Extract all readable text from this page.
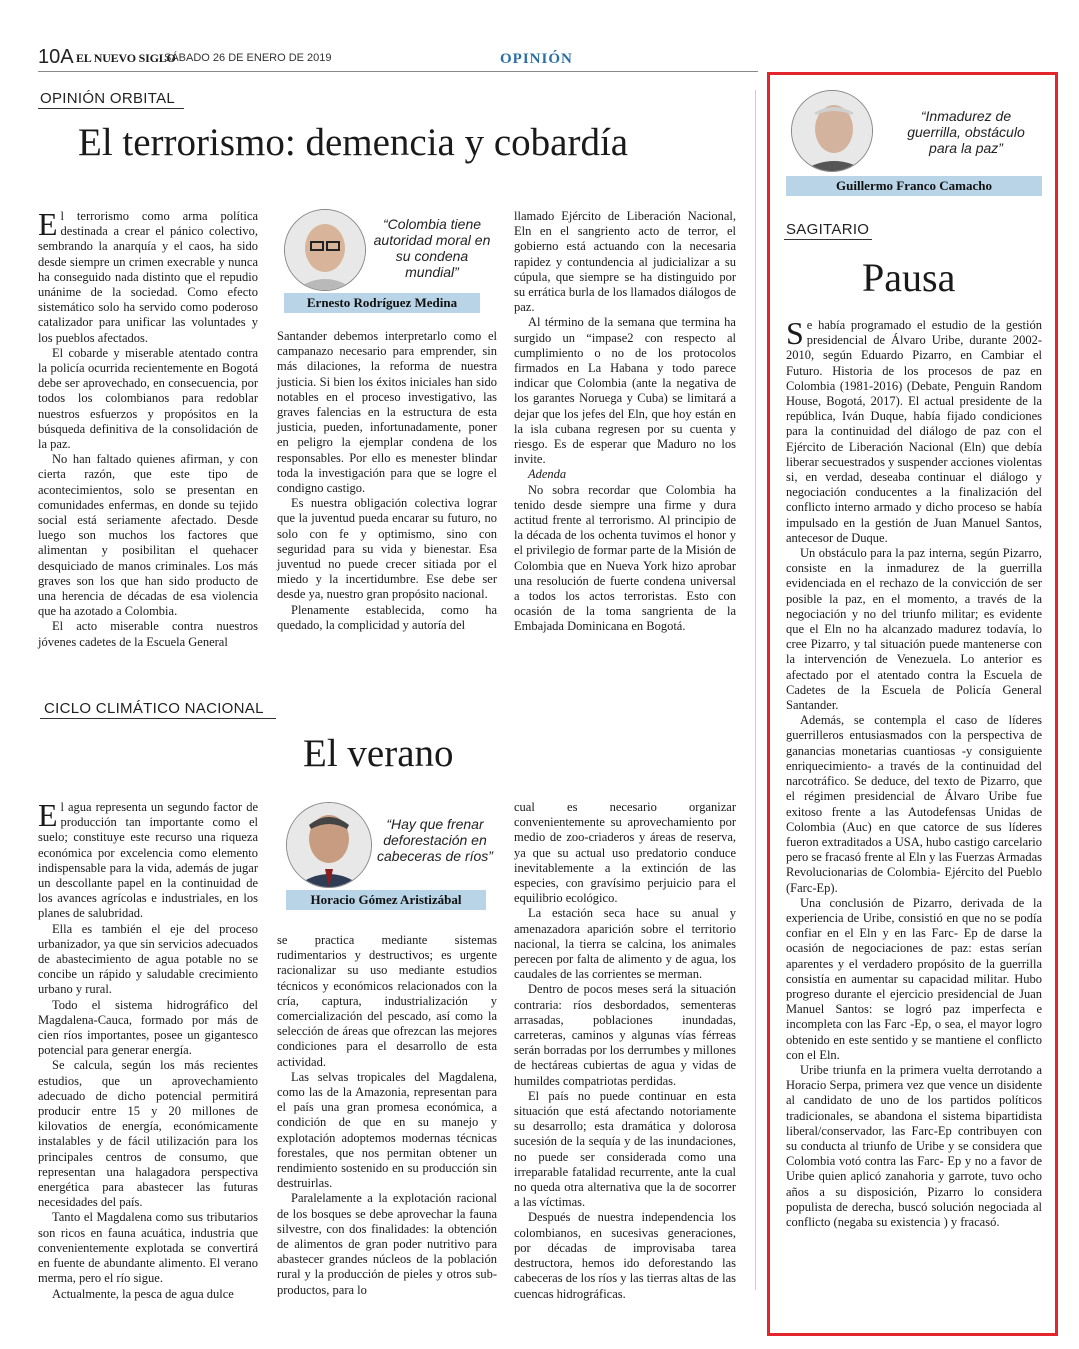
10A EL NUEVO SIGLO
SÁBADO 26 DE ENERO DE 2019	OPINIÓN
OPINIÓN ORBITAL
El terrorismo: demencia y cobardía

El terrorismo como arma política destinada a crear el pánico colectivo, sembrando la anarquía y el caos, ha sido desde siempre un crimen execrable y nunca ha conseguido nada distinto que el repudio unánime de la sociedad. Como efecto sistemático solo ha servido como poderoso catalizador para unificar las voluntades y los pueblos afectados.

El cobarde y miserable atentado contra la policía ocurrida recientemente en Bogotá debe ser aprovechado, en consecuencia, por todos los colombianos para redoblar nuestros esfuerzos y propósitos en la búsqueda definitiva de la consolidación de la paz.

No han faltado quienes afirman, y con cierta razón, que este tipo de acontecimientos, solo se presentan en comunidades enfermas, en donde su tejido social está seriamente afectado. Desde luego son muchos los factores que alimentan y posibilitan el quehacer desquiciado de manos criminales. Los más graves son los que han sido producto de una herencia de décadas de esa violencia que ha azotado a Colombia.

El acto miserable contra nuestros jóvenes cadetes de la Escuela General

“Colombia tiene autoridad moral en su condena mundial”
Ernesto Rodríguez Medina

Santander debemos interpretarlo como el campanazo necesario para emprender, sin más dilaciones, la reforma de nuestra justicia. Si bien los éxitos iniciales han sido notables en el proceso investigativo, las graves falencias en la estructura de esta justicia, pueden, infortunadamente, poner en peligro la ejemplar condena de los responsables. Por ello es menester blindar toda la investigación para que se logre el condigno castigo.

Es nuestra obligación colectiva lograr que la juventud pueda encarar su futuro, no solo con fe y optimismo, sino con seguridad para su vida y bienestar. Esa juventud no puede crecer sitiada por el miedo y la incertidumbre. Ese debe ser desde ya, nuestro gran propósito nacional.

Plenamente establecida, como ha quedado, la complicidad y autoría del

llamado Ejército de Liberación Nacional, Eln en el sangriento acto de terror, el gobierno está actuando con la necesaria rapidez y contundencia al judicializar a su cúpula, que siempre se ha distinguido por su errática burla de los llamados diálogos de paz.

Al término de la semana que termina ha surgido un “impase2 con respecto al cumplimiento o no de los protocolos firmados en La Habana y todo parece indicar que Colombia (ante la negativa de los garantes Noruega y Cuba) se limitará a dejar que los jefes del Eln, que hoy están en la isla cubana regresen por su cuenta y riesgo. Es de esperar que Maduro no los invite.

Adenda

No sobra recordar que Colombia ha tenido desde siempre una firme y dura actitud frente al terrorismo. Al principio de la década de los ochenta tuvimos el honor y el privilegio de formar parte de la Misión de Colombia que en Nueva York hizo aprobar una resolución de fuerte condena universal a todos los actos terroristas. Esto con ocasión de la toma sangrienta de la Embajada Dominicana en Bogotá.

CICLO CLIMÁTICO NACIONAL
El verano

El agua representa un segundo factor de producción tan importante como el suelo; constituye este recurso una riqueza económica por excelencia como elemento indispensable para la vida, además de jugar un descollante papel en la continuidad de los avances agrícolas e industriales, en los planes de salubridad.

Ella es también el eje del proceso urbanizador, ya que sin servicios adecuados de abastecimiento de agua potable no se concibe un rápido y saludable crecimiento urbano y rural.

Todo el sistema hidrográfico del Magdalena-Cauca, formado por más de cien ríos importantes, posee un gigantesco potencial para generar energía.

Se calcula, según los más recientes estudios, que un aprovechamiento adecuado de dicho potencial permitirá producir entre 15 y 20 millones de kilovatios de energía, económicamente instalables y de fácil utilización para los principales centros de consumo, que representan una halagadora perspectiva energética para abastecer las futuras necesidades del país.

Tanto el Magdalena como sus tributarios son ricos en fauna acuática, industria que convenientemente explotada se convertirá en fuente de abundante alimento. El verano merma, pero el río sigue.

Actualmente, la pesca de agua dulce

“Hay que frenar deforestación en cabeceras de ríos”
Horacio Gómez Aristizábal

se practica mediante sistemas rudimentarios y destructivos; es urgente racionalizar su uso mediante estudios técnicos y económicos relacionados con la cría, captura, industrialización y comercialización del pescado, así como la selección de áreas que ofrezcan las mejores condiciones para el desarrollo de esta actividad.

Las selvas tropicales del Magdalena, como las de la Amazonia, representan para el país una gran promesa económica, a condición de que en su manejo y explotación adoptemos modernas técnicas forestales, que nos permitan obtener un rendimiento sostenido en su producción sin destruirlas.

Paralelamente a la explotación racional de los bosques se debe aprovechar la fauna silvestre, con dos finalidades: la obtención de alimentos de gran poder nutritivo para abastecer grandes núcleos de la población rural y la producción de pieles y otros sub-productos, para lo

cual es necesario organizar convenientemente su aprovechamiento por medio de zoo-criaderos y áreas de reserva, ya que su actual uso predatorio conduce inevitablemente a la extinción de las especies, con gravísimo perjuicio para el equilibrio ecológico.

La estación seca hace su anual y amenazadora aparición sobre el territorio nacional, la tierra se calcina, los animales perecen por falta de alimento y de agua, los caudales de las corrientes se merman.

Dentro de pocos meses será la situación contraria: ríos desbordados, sementeras arrasadas, poblaciones inundadas, carreteras, caminos y algunas vías férreas serán borradas por los derrumbes y millones de hectáreas cubiertas de agua y vidas de humildes compatriotas perdidas.

El país no puede continuar en esta situación que está afectando notoriamente su desarrollo; esta dramática y dolorosa sucesión de la sequía y de las inundaciones, no puede ser considerada como una irreparable fatalidad recurrente, ante la cual no queda otra alternativa que la de socorrer a las víctimas.

Después de nuestra independencia los colombianos, en sucesivas generaciones, por décadas de improvisaba tarea destructora, hemos ido deforestando las cabeceras de los ríos y las tierras altas de las cuencas hidrográficas.

“Inmadurez de guerrilla, obstáculo para la paz”
Guillermo Franco Camacho
SAGITARIO
Pausa

Se había programado el estudio de la gestión presidencial de Álvaro Uribe, durante 2002-2010, según Eduardo Pizarro, en Cambiar el Futuro. Historia de los procesos de paz en Colombia (1981-2016) (Debate, Penguin Random House, Bogotá, 2017). El actual presidente de la república, Iván Duque, había fijado condiciones para la continuidad del diálogo de paz con el Ejército de Liberación Nacional (Eln) que debía liberar secuestrados y suspender acciones violentas si, en verdad, deseaba continuar el diálogo y negociación conducentes a la finalización del conflicto interno armado y dicho proceso se había impulsado en la gestión de Juan Manuel Santos, antecesor de Duque.

Un obstáculo para la paz interna, según Pizarro, consiste en la inmadurez de la guerrilla evidenciada en el rechazo de la convicción de ser posible la paz, en el momento, a través de la negociación y no del triunfo militar; es evidente que el Eln no ha alcanzado madurez todavía, lo cree Pizarro, y tal situación puede mantenerse con la intervención de Venezuela. Lo anterior es afectado por el atentado contra la Escuela de Cadetes de la Escuela de Policía General Santander.

Además, se contempla el caso de líderes guerrilleros entusiasmados con la perspectiva de ganancias monetarias cuantiosas -y consiguiente enriquecimiento- a través de la continuidad del narcotráfico. Se deduce, del texto de Pizarro, que el régimen presidencial de Álvaro Uribe fue exitoso frente a las Autodefensas Unidas de Colombia (Auc) en que catorce de sus líderes fueron extraditados a USA, hubo castigo carcelario pero se fracasó frente al Eln y las Fuerzas Armadas Revolucionarias de Colombia- Ejército del Pueblo (Farc-Ep).

Una conclusión de Pizarro, derivada de la experiencia de Uribe, consistió en que no se podía confiar en el Eln y en las Farc- Ep de darse la ocasión de negociaciones de paz: estas serían aparentes y el verdadero propósito de la guerrilla consistía en aumentar su capacidad militar. Hubo progreso durante el ejercicio presidencial de Juan Manuel Santos: se logró paz imperfecta e incompleta con las Farc -Ep, o sea, el mayor logro obtenido en este sentido y se mantiene el conflicto con el Eln.

Uribe triunfa en la primera vuelta derrotando a Horacio Serpa, primera vez que vence un disidente al candidato de uno de los partidos políticos tradicionales, se abandona el sistema bipartidista liberal/conservador, las Farc-Ep contribuyen con su conducta al triunfo de Uribe y se considera que Colombia votó contra las Farc- Ep y no a favor de Uribe quien aplicó zanahoria y garrote, tuvo ocho años a su disposición, Pizarro lo considera populista de derecha, buscó solución negociada al conflicto (negaba su existencia ) y fracasó.
